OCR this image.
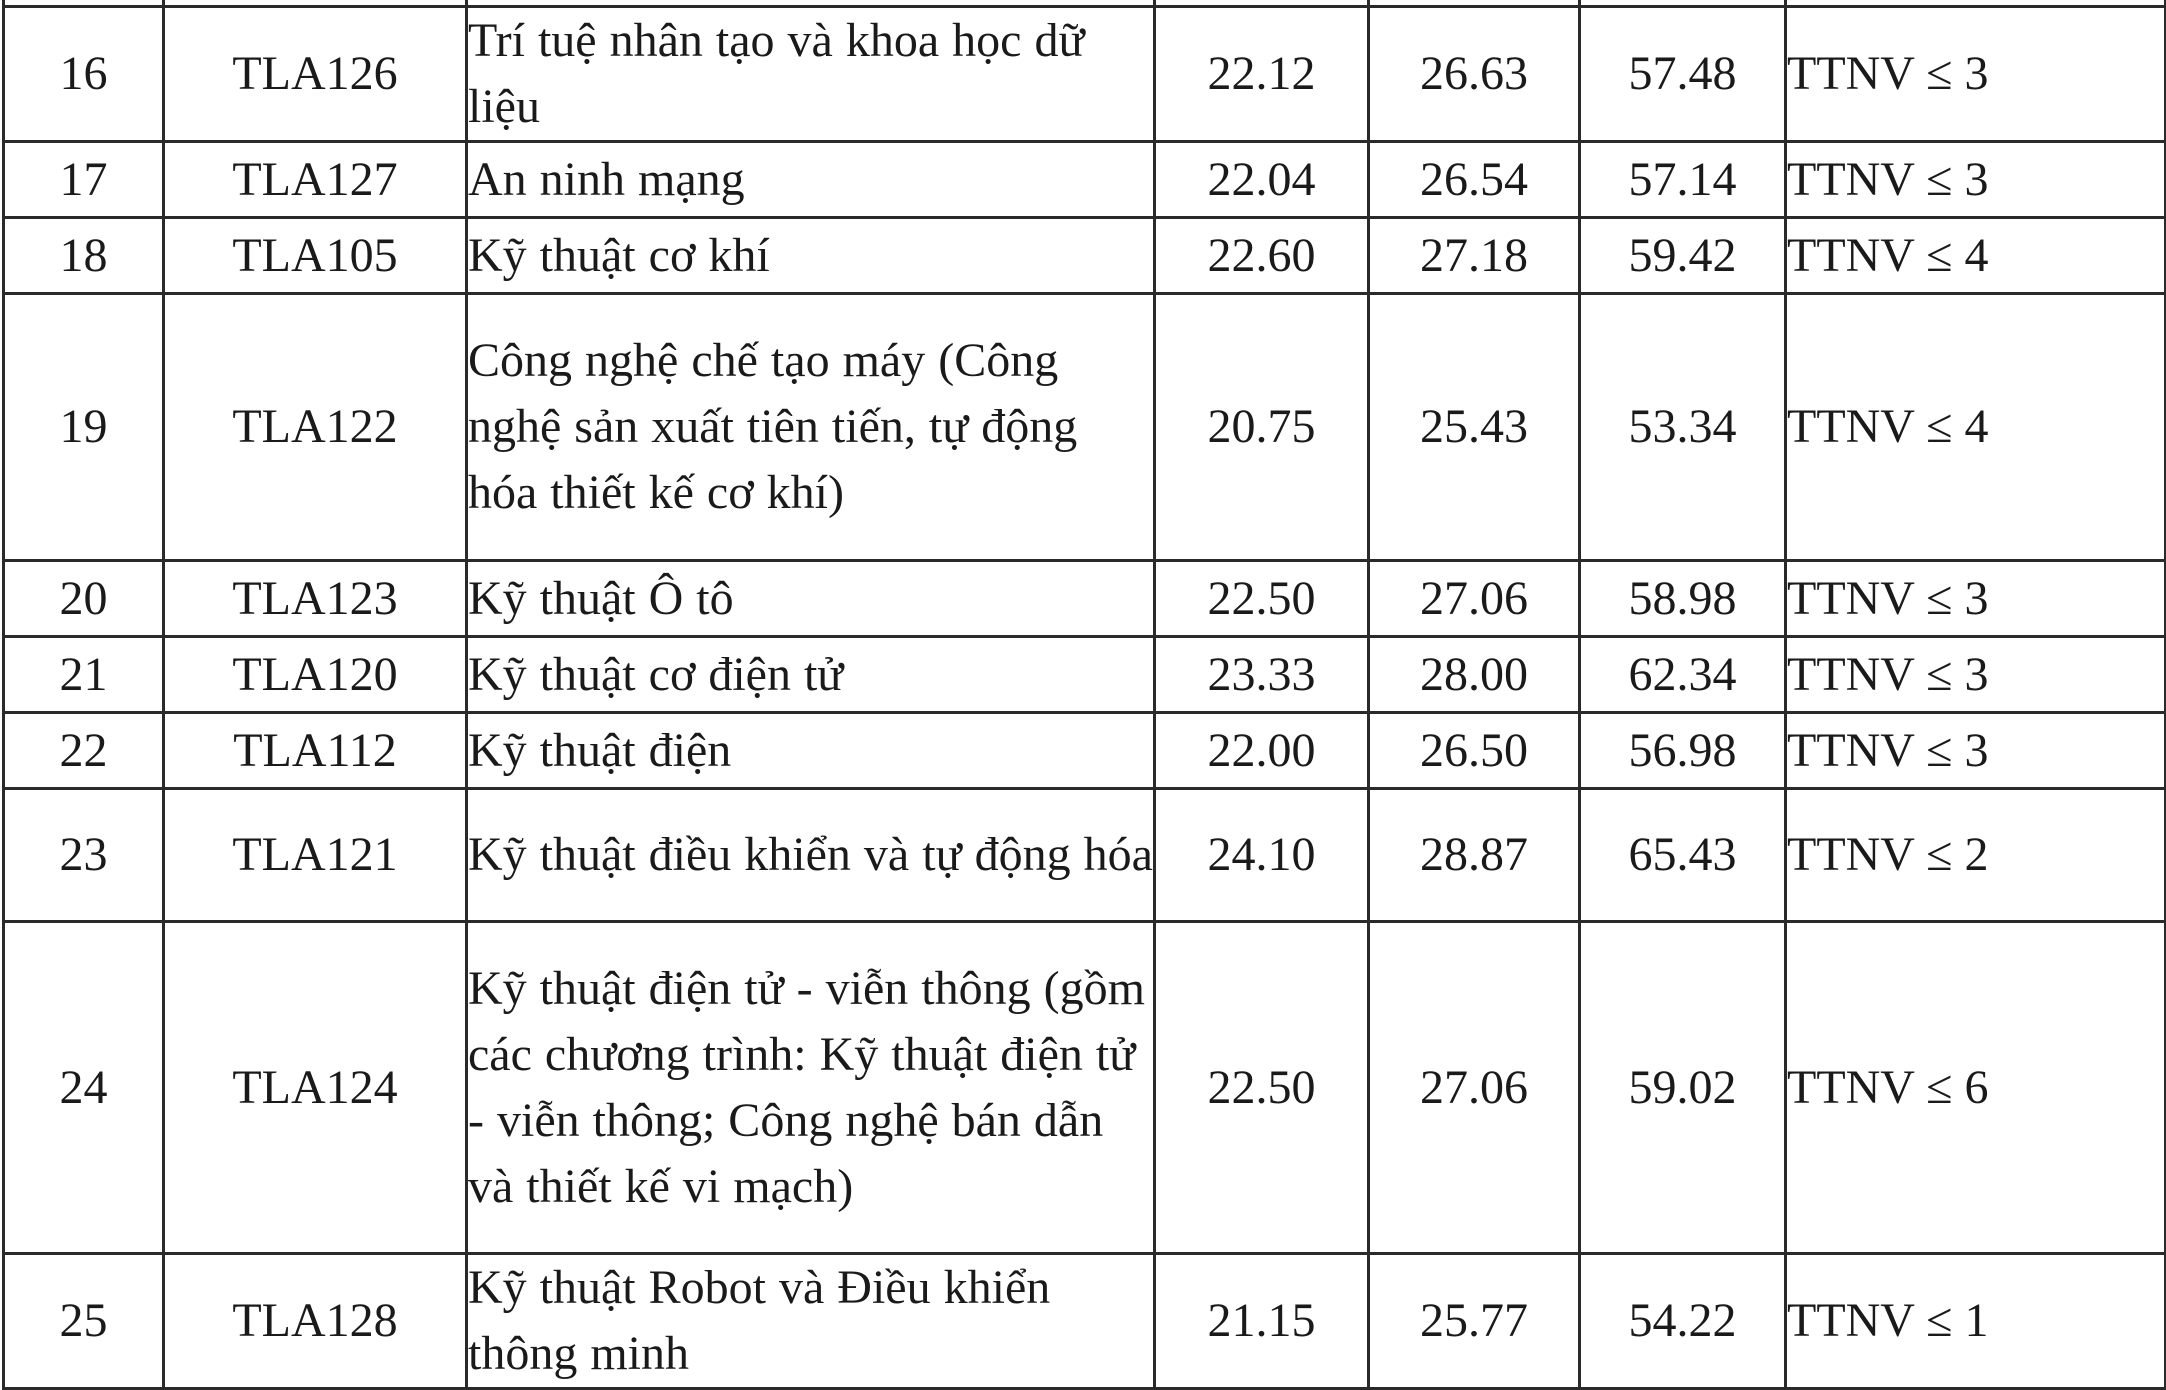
16	TLA126	Trí tuệ nhân tạo và khoa học dữ liệu	22.12	26.63	57.48	TTNV ≤ 3
17	TLA127	An ninh mạng	22.04	26.54	57.14	TTNV ≤ 3
18	TLA105	Kỹ thuật cơ khí	22.60	27.18	59.42	TTNV ≤ 4
19	TLA122	Công nghệ chế tạo máy (Công nghệ sản xuất tiên tiến, tự động hóa thiết kế cơ khí)	20.75	25.43	53.34	TTNV ≤ 4
20	TLA123	Kỹ thuật Ô tô	22.50	27.06	58.98	TTNV ≤ 3
21	TLA120	Kỹ thuật cơ điện tử	23.33	28.00	62.34	TTNV ≤ 3
22	TLA112	Kỹ thuật điện	22.00	26.50	56.98	TTNV ≤ 3
23	TLA121	Kỹ thuật điều khiển và tự động hóa	24.10	28.87	65.43	TTNV ≤ 2
24	TLA124	Kỹ thuật điện tử - viễn thông (gồm các chương trình: Kỹ thuật điện tử - viễn thông; Công nghệ bán dẫn và thiết kế vi mạch)	22.50	27.06	59.02	TTNV ≤ 6
25	TLA128	Kỹ thuật Robot và Điều khiển thông minh	21.15	25.77	54.22	TTNV ≤ 1
